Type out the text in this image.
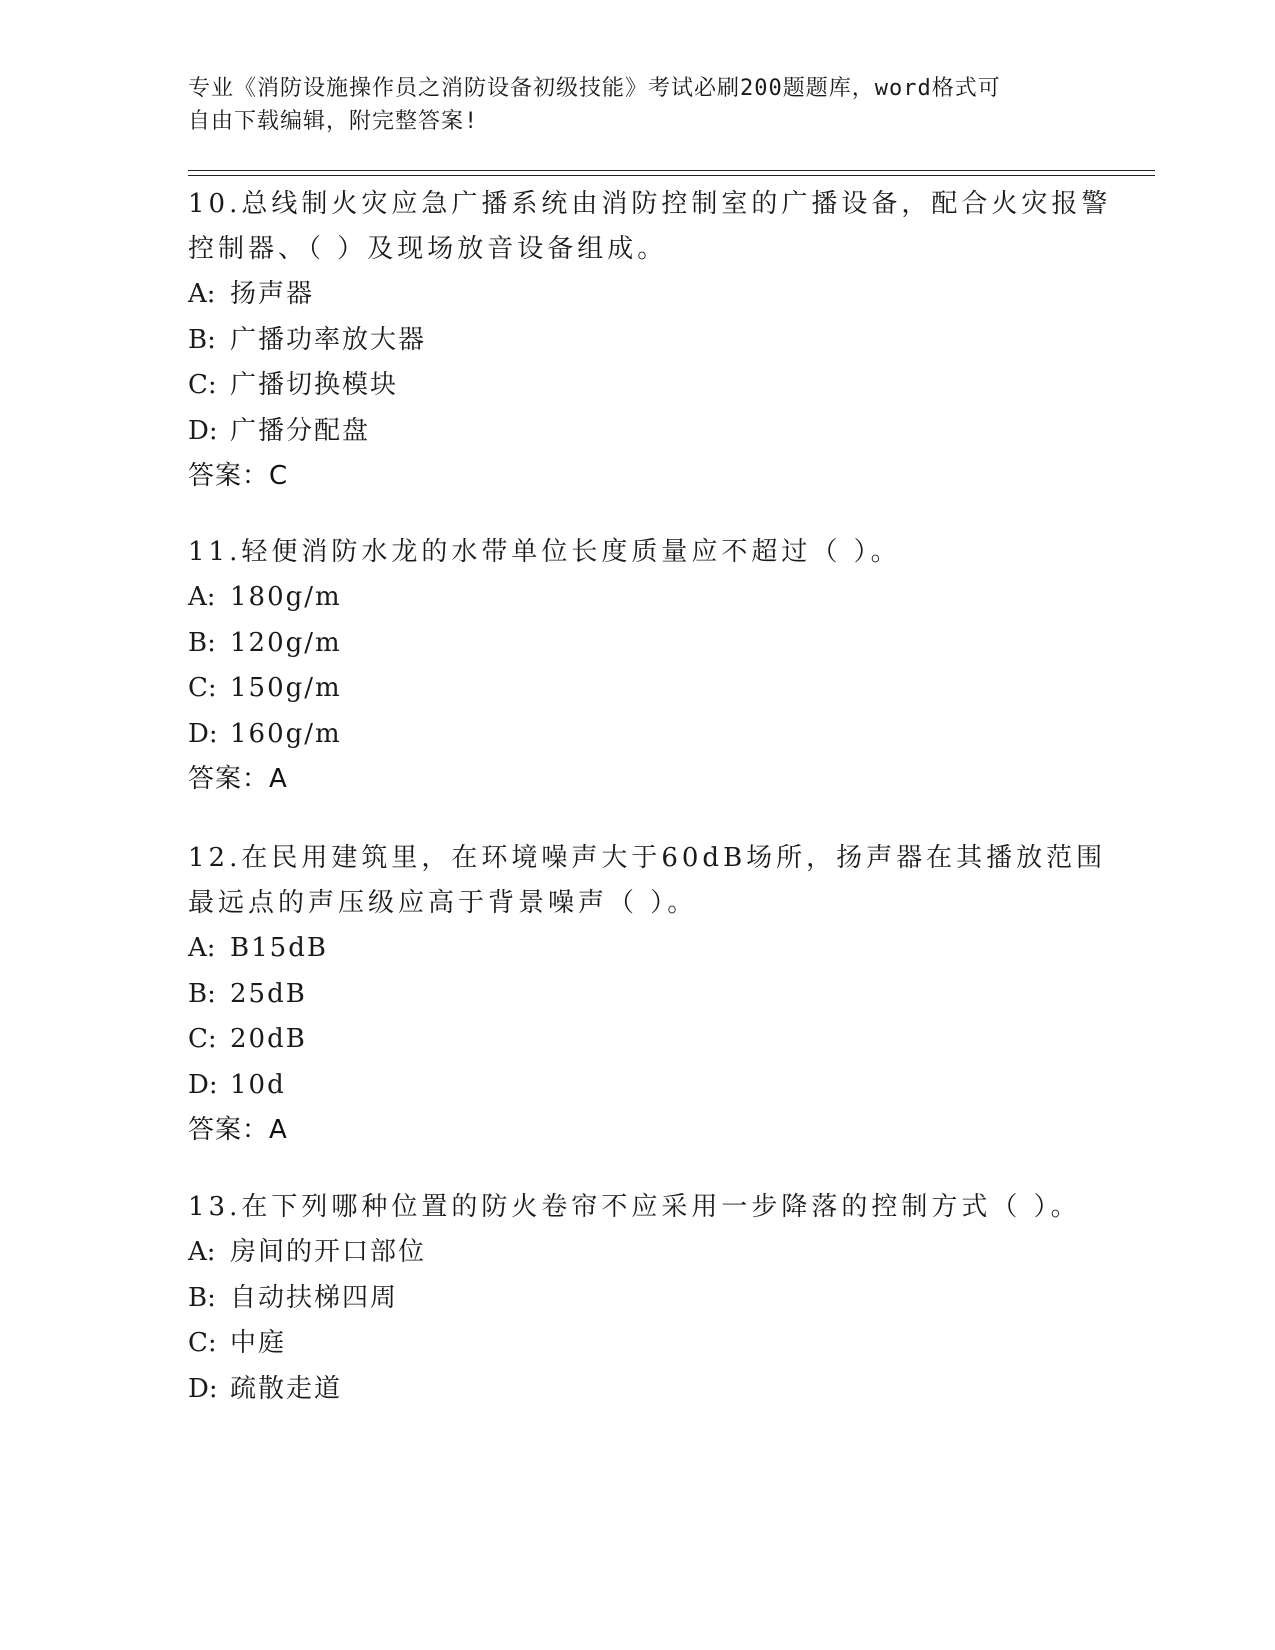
专业《消防设施操作员之消防设备初级技能》考试必刷200题题库，word格式可
自由下载编辑，附完整答案!
10.总线制火灾应急广播系统由消防控制室的广播设备，配合火灾报警
控制器、（ ）及现场放音设备组成。
A: 扬声器
B: 广播功率放大器
C: 广播切换模块
D: 广播分配盘
答案：C
11.轻便消防水龙的水带单位长度质量应不超过（ ）。
A: 180g/m
B: 120g/m
C: 150g/m
D: 160g/m
答案：A
12.在民用建筑里，在环境噪声大于60dB场所，扬声器在其播放范围
最远点的声压级应高于背景噪声（ ）。
A: B15dB
B: 25dB
C: 20dB
D: 10d
答案：A
13.在下列哪种位置的防火卷帘不应采用一步降落的控制方式（ ）。
A: 房间的开口部位
B: 自动扶梯四周
C: 中庭
D: 疏散走道
